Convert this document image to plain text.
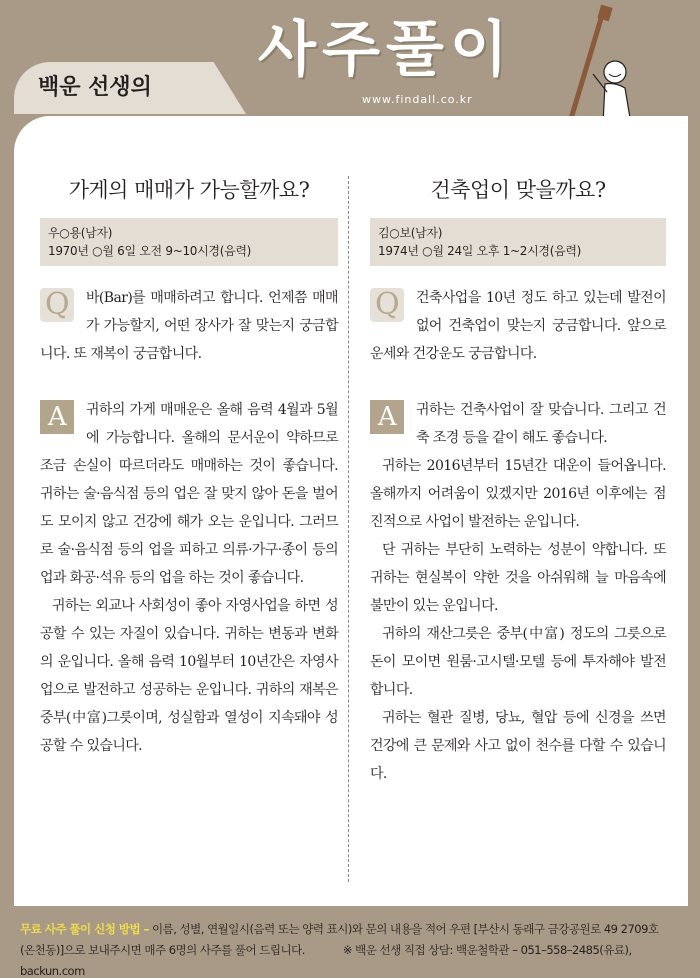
백운 선생의
사주풀이
www.findall.co.kr
가게의 매매가 가능할까요?
우○용(남자)
1970년 ○월 6일 오전 9~10시경(음력)
Q	바(Bar)를 매매하려고 합니다. 언제쯤 매매가 가능할지, 어떤 장사가 잘 맞는지 궁금합니다. 또 재복이 궁금합니다.

A	귀하의 가게 매매운은 올해 음력 4월과 5월에 가능합니다. 올해의 문서운이 약하므로 조금 손실이 따르더라도 매매하는 것이 좋습니다. 귀하는 술·음식점 등의 업은 잘 맞지 않아 돈을 벌어도 모이지 않고 건강에 해가 오는 운입니다. 그러므로 술·음식점 등의 업을 피하고 의류·가구·종이 등의 업과 화공·석유 등의 업을 하는 것이 좋습니다.

귀하는 외교나 사회성이 좋아 자영사업을 하면 성공할 수 있는 자질이 있습니다. 귀하는 변동과 변화의 운입니다. 올해 음력 10월부터 10년간은 자영사업으로 발전하고 성공하는 운입니다. 귀하의 재복은 중부(中富)그릇이며, 성실함과 열성이 지속돼야 성공할 수 있습니다.

건축업이 맞을까요?
김○보(남자)
1974년 ○월 24일 오후 1~2시경(음력)
Q	건축사업을 10년 정도 하고 있는데 발전이 없어 건축업이 맞는지 궁금합니다. 앞으로 운세와 건강운도 궁금합니다.

A	귀하는 건축사업이 잘 맞습니다. 그리고 건축 조경 등을 같이 해도 좋습니다.

귀하는 2016년부터 15년간 대운이 들어옵니다. 올해까지 어려움이 있겠지만 2016년 이후에는 점진적으로 사업이 발전하는 운입니다.

단 귀하는 부단히 노력하는 성분이 약합니다. 또 귀하는 현실복이 약한 것을 아쉬워해 늘 마음속에 불만이 있는 운입니다.

귀하의 재산그릇은 중부(中富) 정도의 그릇으로 돈이 모이면 원룸·고시텔·모텔 등에 투자해야 발전합니다.

귀하는 혈관 질병, 당뇨, 혈압 등에 신경을 쓰면 건강에 큰 문제와 사고 없이 천수를 다할 수 있습니다.

무료 사주 풀이 신청 방법 – 이름, 성별, 연월일시(음력 또는 양력 표시)와 문의 내용을 적어 우편 [부산시 동래구 금강공원로 49 2709호
(온천동)]으로 보내주시면 매주 6명의 사주를 풀어 드립니다.	※ 백운 선생 직접 상담: 백운철학관 – 051–558–2485(유료), backun.com
